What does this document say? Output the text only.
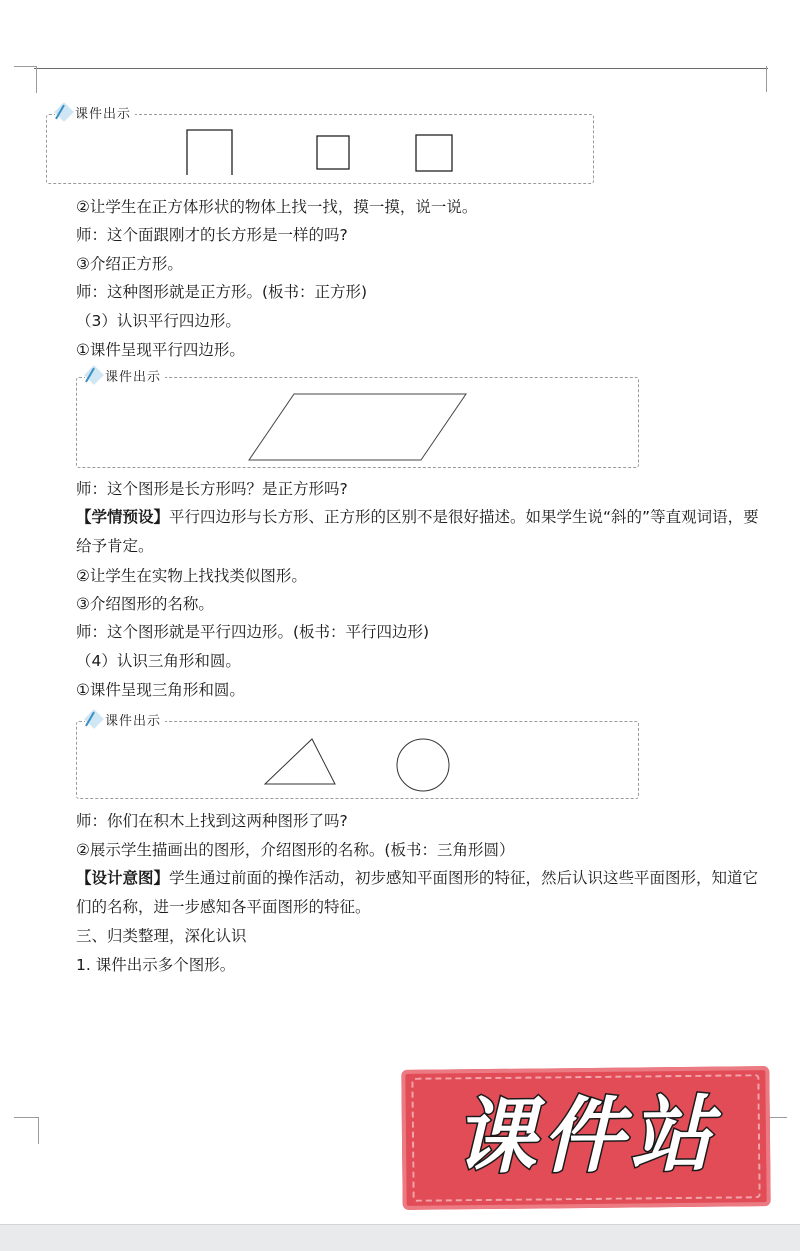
课件出示
②让学生在正方体形状的物体上找一找，摸一摸，说一说。
师：这个面跟刚才的长方形是一样的吗?
③介绍正方形。
师：这种图形就是正方形。(板书：正方形)
（3）认识平行四边形。
①课件呈现平行四边形。
课件出示
师：这个图形是长方形吗？是正方形吗?
【学情预设】平行四边形与长方形、正方形的区别不是很好描述。如果学生说“斜的”等直观词语，要给予肯定。
②让学生在实物上找找类似图形。
③介绍图形的名称。
师：这个图形就是平行四边形。(板书：平行四边形)
（4）认识三角形和圆。
①课件呈现三角形和圆。
课件出示
师：你们在积木上找到这两种图形了吗?
②展示学生描画出的图形，介绍图形的名称。(板书：三角形圆）
【设计意图】学生通过前面的操作活动，初步感知平面图形的特征，然后认识这些平面图形，知道它们的名称，进一步感知各平面图形的特征。
三、归类整理，深化认识
1. 课件出示多个图形。
课件站
